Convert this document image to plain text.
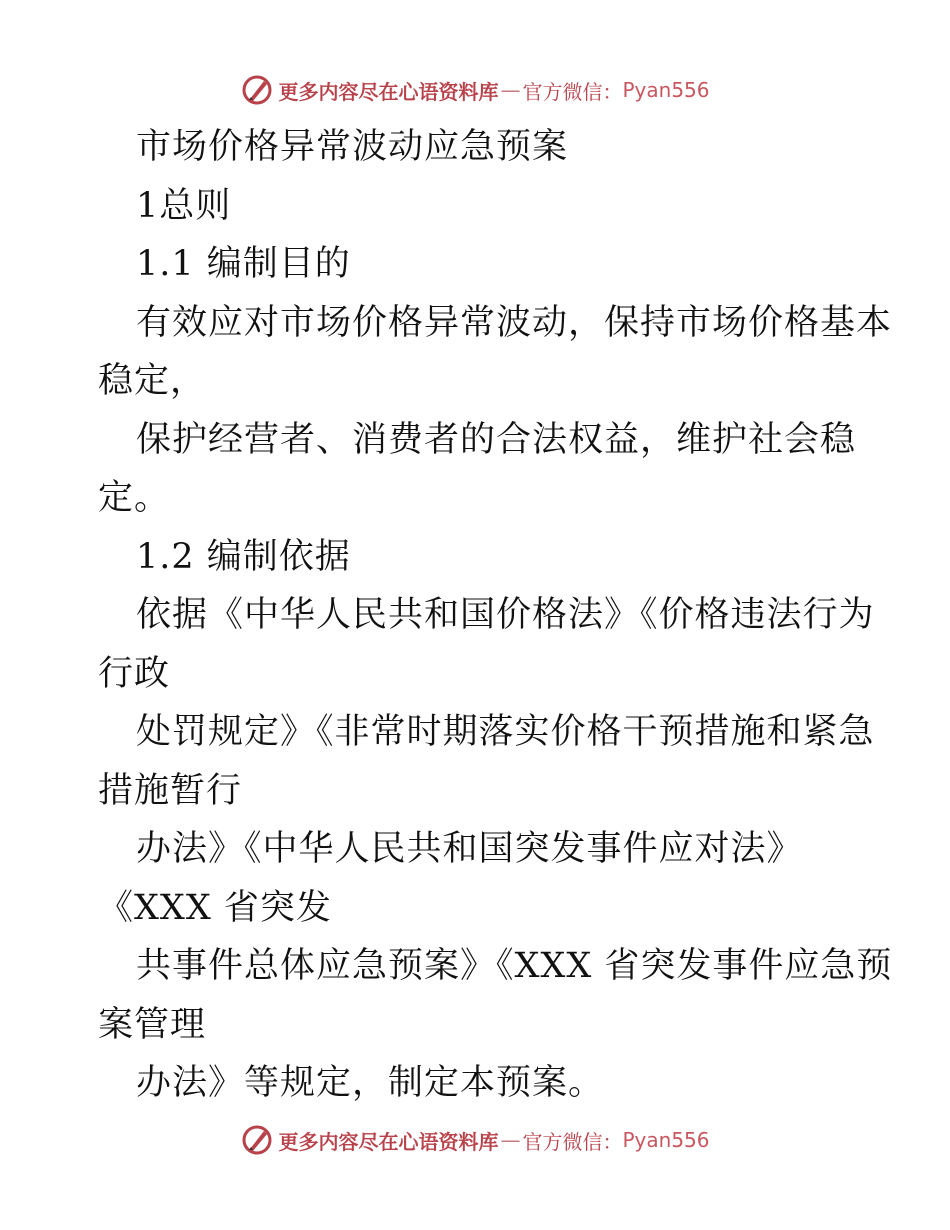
更多内容尽在心语资料库 — 官方微信： Pyan556
市场价格异常波动应急预案
1总则
1.1 编制目的
有效应对市场价格异常波动，保持市场价格基本
稳定，
保护经营者、消费者的合法权益，维护社会稳
定。
1.2 编制依据
依据《中华人民共和国价格法》《价格违法行为
行政
处罚规定》《非常时期落实价格干预措施和紧急
措施暂行
办法》《中华人民共和国突发事件应对法》
《XXX 省突发
共事件总体应急预案》《XXX 省突发事件应急预
案管理
办法》等规定，制定本预案。
更多内容尽在心语资料库 — 官方微信： Pyan556
